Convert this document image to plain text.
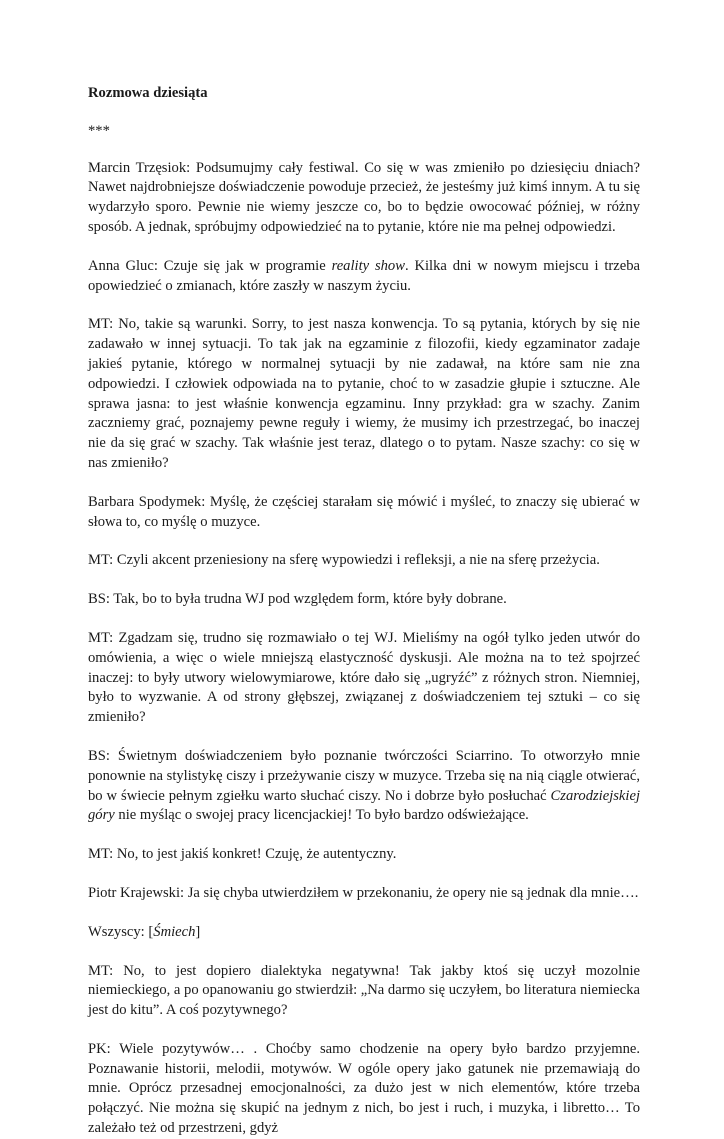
Rozmowa dziesiąta
***

Marcin Trzęsiok: Podsumujmy cały festiwal. Co się w was zmieniło po dziesięciu dniach? Nawet najdrobniejsze doświadczenie powoduje przecież, że jesteśmy już kimś innym. A tu się wydarzyło sporo. Pewnie nie wiemy jeszcze co, bo to będzie owocować później, w różny sposób. A jednak, spróbujmy odpowiedzieć na to pytanie, które nie ma pełnej odpowiedzi.

Anna Gluc: Czuje się jak w programie reality show. Kilka dni w nowym miejscu i trzeba opowiedzieć o zmianach, które zaszły w naszym życiu.

MT: No, takie są warunki. Sorry, to jest nasza konwencja. To są pytania, których by się nie zadawało w innej sytuacji. To tak jak na egzaminie z filozofii, kiedy egzaminator zadaje jakieś pytanie, którego w normalnej sytuacji by nie zadawał, na które sam nie zna odpowiedzi. I człowiek odpowiada na to pytanie, choć to w zasadzie głupie i sztuczne. Ale sprawa jasna: to jest właśnie konwencja egzaminu. Inny przykład: gra w szachy. Zanim zaczniemy grać, poznajemy pewne reguły i wiemy, że musimy ich przestrzegać, bo inaczej nie da się grać w szachy. Tak właśnie jest teraz, dlatego o to pytam. Nasze szachy: co się w nas zmieniło?

Barbara Spodymek: Myślę, że częściej starałam się mówić i myśleć, to znaczy się ubierać w słowa to, co myślę o muzyce.

MT: Czyli akcent przeniesiony na sferę wypowiedzi i refleksji, a nie na sferę przeżycia.

BS: Tak, bo to była trudna WJ pod względem form, które były dobrane.

MT: Zgadzam się, trudno się rozmawiało o tej WJ. Mieliśmy na ogół tylko jeden utwór do omówienia, a więc o wiele mniejszą elastyczność dyskusji. Ale można na to też spojrzeć inaczej: to były utwory wielowymiarowe, które dało się „ugryźć” z różnych stron. Niemniej, było to wyzwanie. A od strony głębszej, związanej z doświadczeniem tej sztuki – co się zmieniło?

BS: Świetnym doświadczeniem było poznanie twórczości Sciarrino. To otworzyło mnie ponownie na stylistykę ciszy i przeżywanie ciszy w muzyce. Trzeba się na nią ciągle otwierać, bo w świecie pełnym zgiełku warto słuchać ciszy. No i dobrze było posłuchać Czarodziejskiej góry nie myśląc o swojej pracy licencjackiej! To było bardzo odświeżające.

MT: No, to jest jakiś konkret! Czuję, że autentyczny.

Piotr Krajewski: Ja się chyba utwierdziłem w przekonaniu, że opery nie są jednak dla mnie….

Wszyscy: [Śmiech]

MT: No, to jest dopiero dialektyka negatywna! Tak jakby ktoś się uczył mozolnie niemieckiego, a po opanowaniu go stwierdził: „Na darmo się uczyłem, bo literatura niemiecka jest do kitu”. A coś pozytywnego?

PK: Wiele pozytywów… . Choćby samo chodzenie na opery było bardzo przyjemne. Poznawanie historii, melodii, motywów. W ogóle opery jako gatunek nie przemawiają do mnie. Oprócz przesadnej emocjonalności, za dużo jest w nich elementów, które trzeba połączyć. Nie można się skupić na jednym z nich, bo jest i ruch, i muzyka, i libretto… To zależało też od przestrzeni, gdyż
